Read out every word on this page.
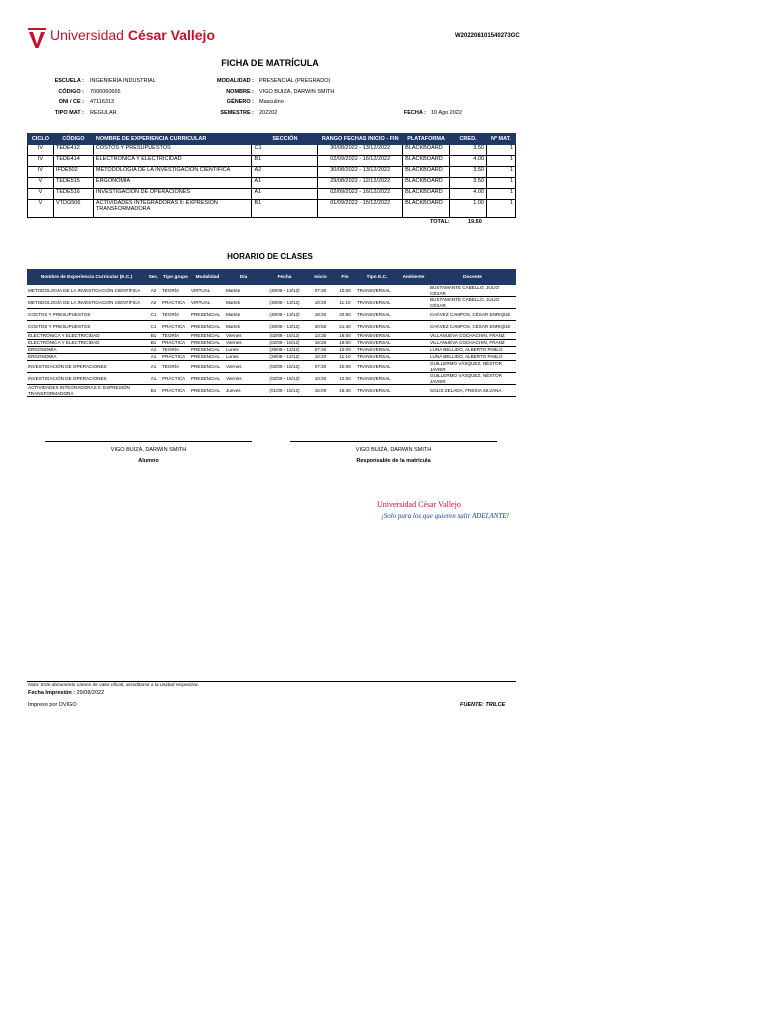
Universidad César Vallejo	W202208101540273GC
FICHA DE MATRÍCULA
ESCUELA : INGENIERÍA INDUSTRIAL
CÓDIGO : 7000060665
DNI / CE : 47116313
TIPO MAT : REGULAR
MODALIDAD : PRESENCIAL (PREGRADO)
NOMBRE : VIGO BUIZA, DARWIN SMITH
GÉNERO : Masculino
SEMESTRE : 202202	FECHA : 10 Ago 2022
CICLO	CÓDIGO	NOMBRE DE EXPERIENCIA CURRICULAR	SECCIÓN	RANGO FECHAS INICIO - FIN	PLATAFORMA	CRED.	Nº MAT.
IV	TEDE412	COSTOS Y PRESUPUESTOS	C1	30/08/2022 - 13/12/2022	BLACKBOARD	3.50	1
IV	TEDE414	ELECTRÓNICA Y ELECTRICIDAD	B1	02/09/2022 - 16/12/2022	BLACKBOARD	4.00	1
IV	IFDE502	METODOLOGÍA DE LA INVESTIGACIÓN CIENTÍFICA	A2	30/08/2022 - 13/12/2022	BLACKBOARD	3.50	1
V	TEDE515	ERGONOMÍA	A1	29/08/2022 - 12/12/2022	BLACKBOARD	3.50	1
V	TEDE516	INVESTIGACIÓN DE OPERACIONES	A1	02/09/2022 - 16/12/2022	BLACKBOARD	4.00	1
V	VTDG506	ACTIVIDADES INTEGRADORAS II: EXPRESIÓN TRANSFORMADORA	B1	01/09/2022 - 15/12/2022	BLACKBOARD	1.00	1
TOTAL:	19.50
HORARIO DE CLASES
Nombre de Experiencia Curricular (E.C.)	Sec.	Tipo grupo	Modalidad	Día	Fecha	Inicio	Fin	Tipo E.C.	Ambiente	Docente
METODOLOGÍA DE LA INVESTIGACIÓN CIENTÍFICA	A2	TEORÍA	VIRTUAL	Martes	(30/08 - 13/12)	07:30	10:00	TRANSVERSAL		BUSTAMANTE CABELLO, JULIO CÉSAR
METODOLOGÍA DE LA INVESTIGACIÓN CIENTÍFICA	A2	PRÁCTICA	VIRTUAL	Martes	(30/08 - 13/12)	10:20	11:10	TRANSVERSAL		BUSTAMANTE CABELLO, JULIO CÉSAR
COSTOS Y PRESUPUESTOS	C1	TEORÍA	PRESENCIAL	Martes	(30/08 - 13/12)	18:20	20:50	TRANSVERSAL		CHÁVEZ CAMPOS, CÉSAR ENRIQUE
COSTOS Y PRESUPUESTOS	C1	PRÁCTICA	PRESENCIAL	Martes	(30/08 - 13/12)	20:50	21:40	TRANSVERSAL		CHÁVEZ CAMPOS, CÉSAR ENRIQUE
ELECTRÓNICA Y ELECTRICIDAD	B1	TEORÍA	PRESENCIAL	Viernes	(02/09 - 16/12)	13:30	16:00	TRANSVERSAL		VILLANUEVA COCHACHIN, FRANZ
ELECTRÓNICA Y ELECTRICIDAD	B1	PRÁCTICA	PRESENCIAL	Viernes	(02/09 - 16/12)	16:20	18:00	TRANSVERSAL		VILLANUEVA COCHACHIN, FRANZ
ERGONOMÍA	A1	TEORÍA	PRESENCIAL	Lunes	(29/08 - 12/12)	07:30	10:00	TRANSVERSAL		LUNA BELLIDO, ALBERTO PABLO
ERGONOMÍA	A1	PRÁCTICA	PRESENCIAL	Lunes	(29/08 - 12/12)	10:20	11:10	TRANSVERSAL		LUNA BELLIDO, ALBERTO PABLO
INVESTIGACIÓN DE OPERACIONES	A1	TEORÍA	PRESENCIAL	Viernes	(02/09 - 16/12)	07:30	10:00	TRANSVERSAL		GUILLERMO VÁSQUEZ, NÉSTOR JAVIER
INVESTIGACIÓN DE OPERACIONES	A1	PRÁCTICA	PRESENCIAL	Viernes	(02/09 - 16/12)	10:20	12:00	TRANSVERSAL		GUILLERMO VÁSQUEZ, NÉSTOR JAVIER
ACTIVIDADES INTEGRADORAS II: EXPRESIÓN TRANSFORMADORA	B1	PRÁCTICA	PRESENCIAL	Jueves	(01/09 - 15/12)	15:00	16:40	TRANSVERSAL		SOLIS ZELADA, FRESIA SILVANA
VIGO BUIZA, DARWIN SMITH
Alumno
VIGO BUIZA, DARWIN SMITH
Responsable de la matrícula
Universidad César Vallejo
¡Solo para los que quieren salir ADELANTE!
Nota: Este documento carece de valor oficial, acreditarse a la unidad respectiva.
Fecha Impresión : 29/08/2022
Impreso por DVIGO	FUENTE: TRILCE
